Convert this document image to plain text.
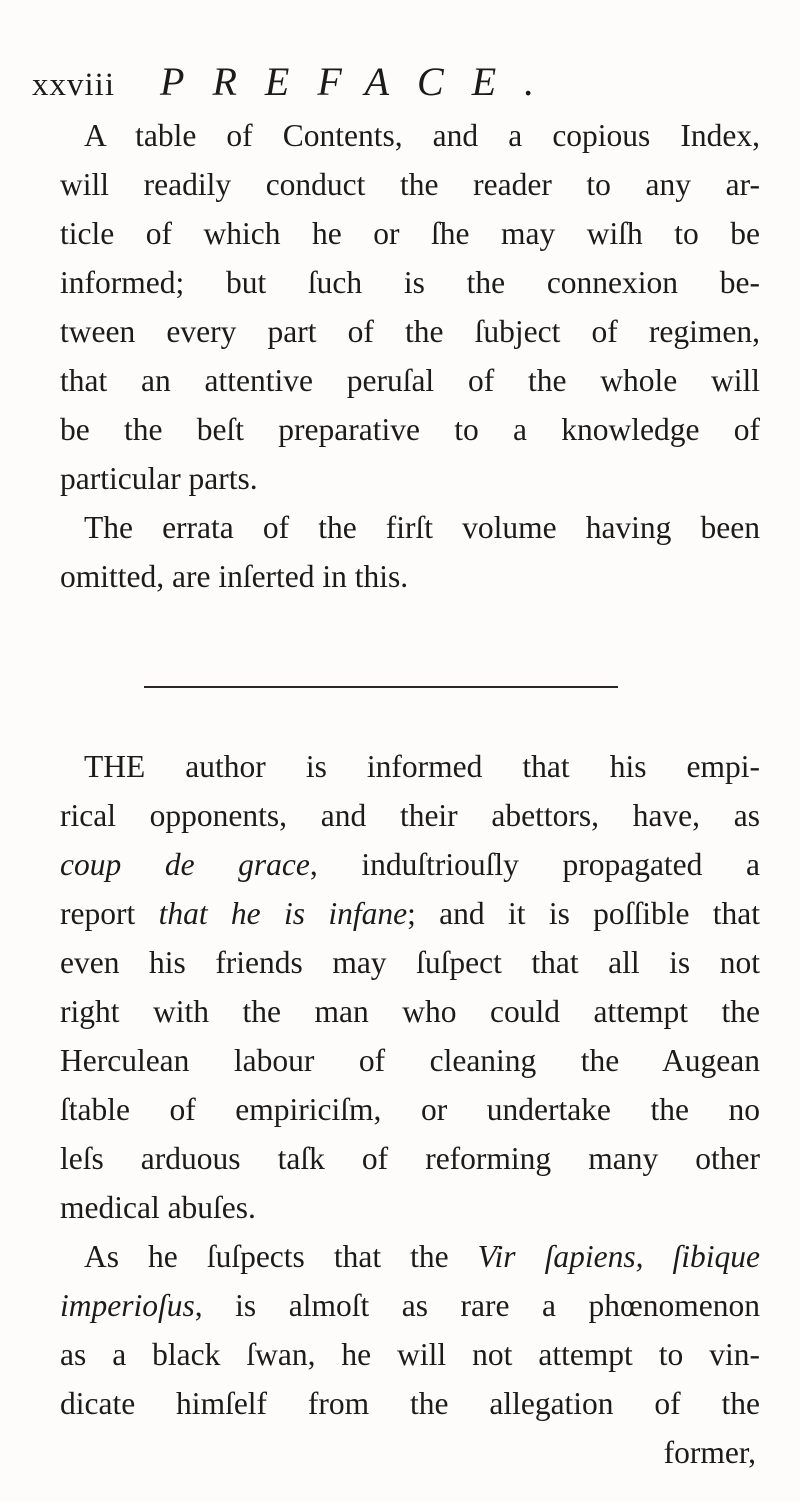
xxviii PREFACE.
A table of Contents, and a copious Index,
will readily conduct the reader to any ar-
ticle of which he or ſhe may wiſh to be
informed; but ſuch is the connexion be-
tween every part of the ſubject of regimen,
that an attentive peruſal of the whole will
be the beſt preparative to a knowledge of
particular parts.
The errata of the firſt volume having been
omitted, are inſerted in this.
THE author is informed that his empi-
rical opponents, and their abettors, have, as
coup de grace, induſtriouſly propagated a
report that he is infane; and it is poſſible that
even his friends may ſuſpect that all is not
right with the man who could attempt the
Herculean labour of cleaning the Augean
ſtable of empiriciſm, or undertake the no
leſs arduous taſk of reforming many other
medical abuſes.
As he ſuſpects that the Vir ſapiens, ſibique
imperioſus, is almoſt as rare a phœnomenon
as a black ſwan, he will not attempt to vin-
dicate himſelf from the allegation of the
former,
